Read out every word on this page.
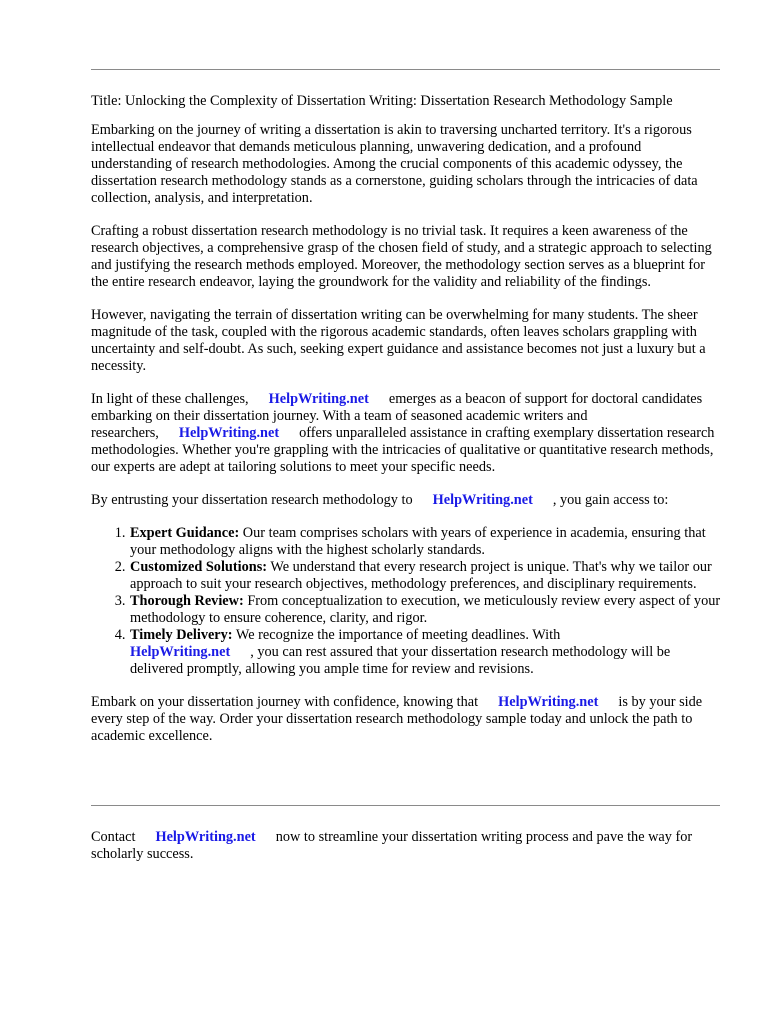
Title: Unlocking the Complexity of Dissertation Writing: Dissertation Research Methodology Sample

Embarking on the journey of writing a dissertation is akin to traversing uncharted territory. It's a rigorous intellectual endeavor that demands meticulous planning, unwavering dedication, and a profound understanding of research methodologies. Among the crucial components of this academic odyssey, the dissertation research methodology stands as a cornerstone, guiding scholars through the intricacies of data collection, analysis, and interpretation.

Crafting a robust dissertation research methodology is no trivial task. It requires a keen awareness of the research objectives, a comprehensive grasp of the chosen field of study, and a strategic approach to selecting and justifying the research methods employed. Moreover, the methodology section serves as a blueprint for the entire research endeavor, laying the groundwork for the validity and reliability of the findings.

However, navigating the terrain of dissertation writing can be overwhelming for many students. The sheer magnitude of the task, coupled with the rigorous academic standards, often leaves scholars grappling with uncertainty and self-doubt. As such, seeking expert guidance and assistance becomes not just a luxury but a necessity.

In light of these challenges, HelpWriting.net emerges as a beacon of support for doctoral candidates embarking on their dissertation journey. With a team of seasoned academic writers and researchers, HelpWriting.net offers unparalleled assistance in crafting exemplary dissertation research methodologies. Whether you're grappling with the intricacies of qualitative or quantitative research methods, our experts are adept at tailoring solutions to meet your specific needs.

By entrusting your dissertation research methodology to HelpWriting.net , you gain access to:

1. Expert Guidance: Our team comprises scholars with years of experience in academia, ensuring that your methodology aligns with the highest scholarly standards.
2. Customized Solutions: We understand that every research project is unique. That's why we tailor our approach to suit your research objectives, methodology preferences, and disciplinary requirements.
3. Thorough Review: From conceptualization to execution, we meticulously review every aspect of your methodology to ensure coherence, clarity, and rigor.
4. Timely Delivery: We recognize the importance of meeting deadlines. With
HelpWriting.net , you can rest assured that your dissertation research methodology will be delivered promptly, allowing you ample time for review and revisions.

Embark on your dissertation journey with confidence, knowing that HelpWriting.net is by your side every step of the way. Order your dissertation research methodology sample today and unlock the path to academic excellence.

Contact HelpWriting.net now to streamline your dissertation writing process and pave the way for scholarly success.
